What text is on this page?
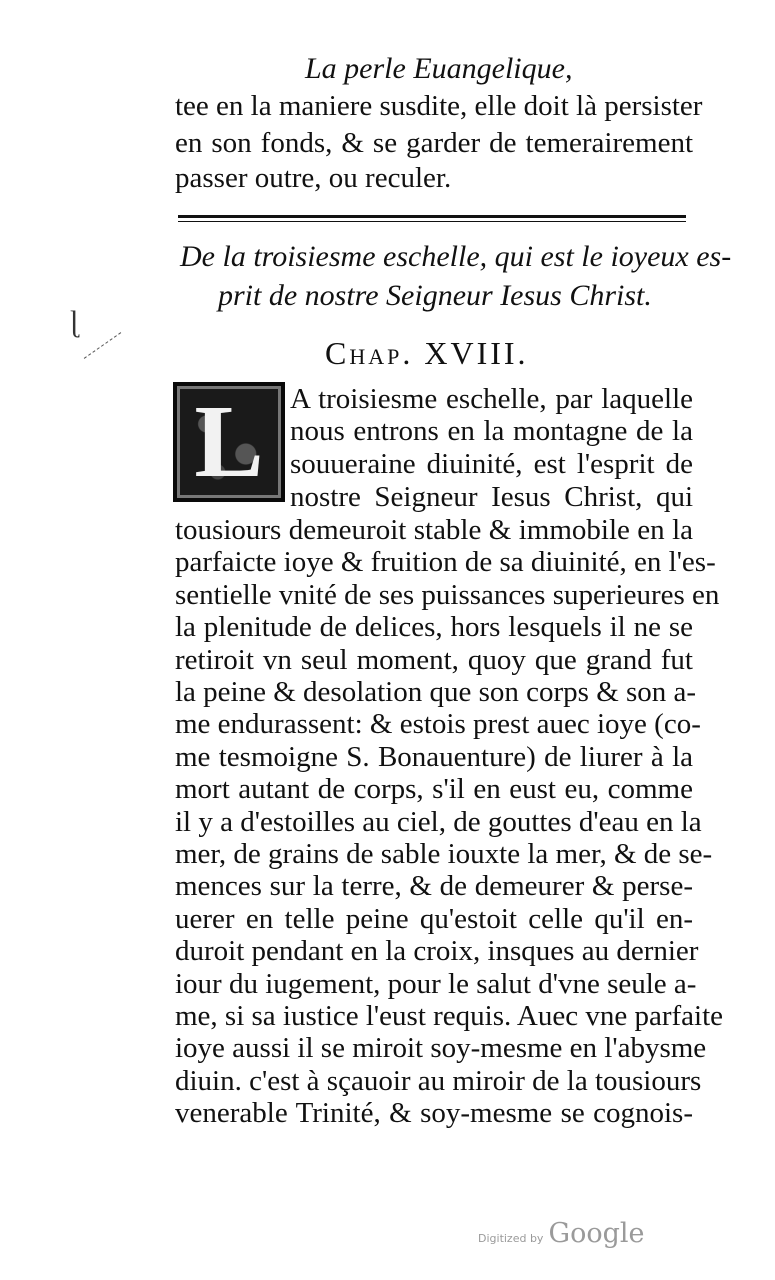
La perle Euangelique,
tee en la maniere susdite, elle doit là persister
en son fonds, & se garder de temerairement
passer outre, ou reculer.
De la troisiesme eschelle, qui est le ioyeux es-
prit de nostre Seigneur Iesus Christ.
Chap. XVIII.
L A troisiesme eschelle, par laquelle
nous entrons en la montagne de la
souueraine diuinité, est l'esprit de
nostre Seigneur Iesus Christ, qui
tousiours demeuroit stable & immobile en la
parfaicte ioye & fruition de sa diuinité, en l'es-
sentielle vnité de ses puissances superieures en
la plenitude de delices, hors lesquels il ne se
retiroit vn seul moment, quoy que grand fut
la peine & desolation que son corps & son a-
me endurassent: & estois prest auec ioye (co-
me tesmoigne S. Bonauenture) de liurer à la
mort autant de corps, s'il en eust eu, comme
il y a d'estoilles au ciel, de gouttes d'eau en la
mer, de grains de sable iouxte la mer, & de se-
mences sur la terre, & de demeurer & perse-
uerer en telle peine qu'estoit celle qu'il en-
duroit pendant en la croix, insques au dernier
iour du iugement, pour le salut d'vne seule a-
me, si sa iustice l'eust requis. Auec vne parfaite
ioye aussi il se miroit soy-mesme en l'abysme
diuin. c'est à sçauoir au miroir de la tousiours
venerable Trinité, & soy-mesme se cognois-
ɭ
Digitized by Google
